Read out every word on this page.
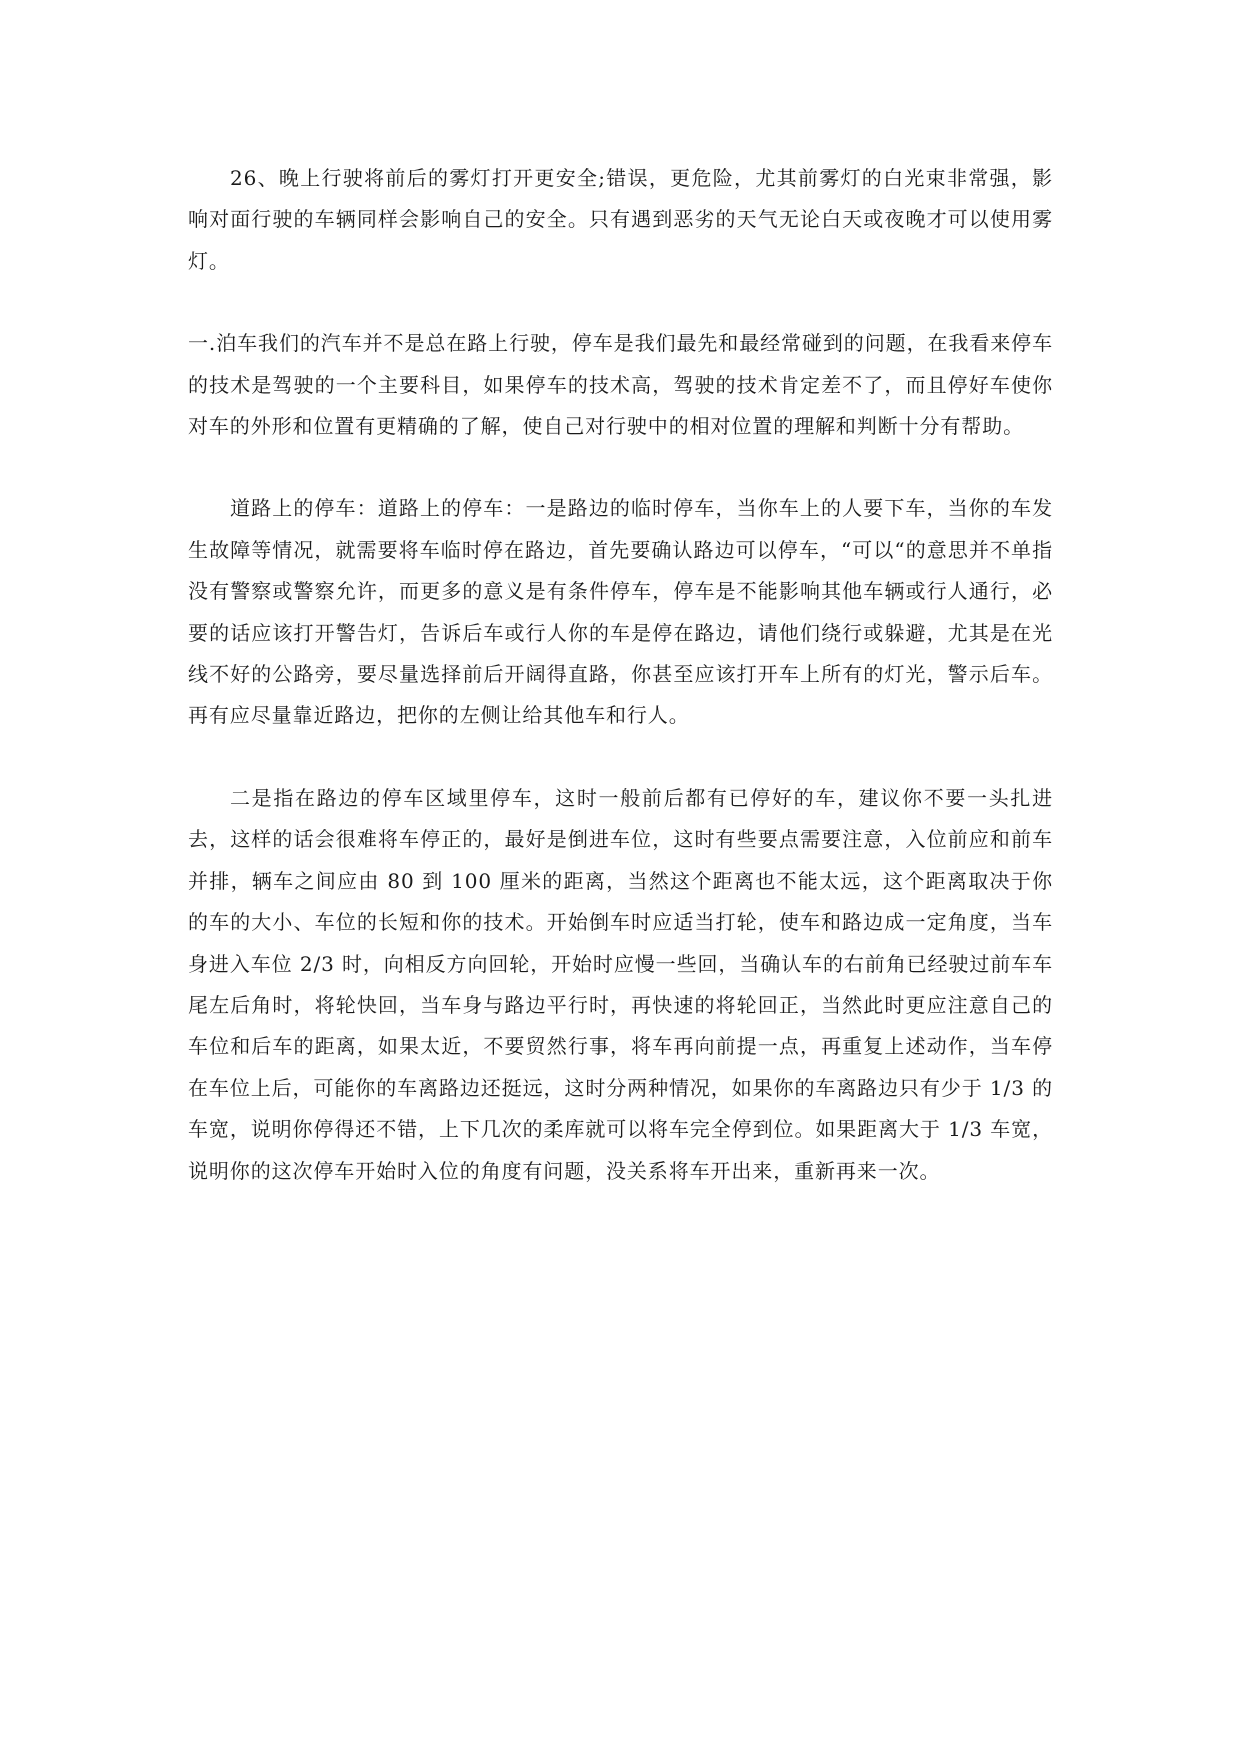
26、晚上行驶将前后的雾灯打开更安全;错误，更危险，尤其前雾灯的白光束非常强，影响对面行驶的车辆同样会影响自己的安全。只有遇到恶劣的天气无论白天或夜晚才可以使用雾灯。

一.泊车我们的汽车并不是总在路上行驶，停车是我们最先和最经常碰到的问题，在我看来停车的技术是驾驶的一个主要科目，如果停车的技术高，驾驶的技术肯定差不了，而且停好车使你对车的外形和位置有更精确的了解，使自己对行驶中的相对位置的理解和判断十分有帮助。

道路上的停车：道路上的停车：一是路边的临时停车，当你车上的人要下车，当你的车发生故障等情况，就需要将车临时停在路边，首先要确认路边可以停车，“可以“的意思并不单指没有警察或警察允许，而更多的意义是有条件停车，停车是不能影响其他车辆或行人通行，必要的话应该打开警告灯，告诉后车或行人你的车是停在路边，请他们绕行或躲避，尤其是在光线不好的公路旁，要尽量选择前后开阔得直路，你甚至应该打开车上所有的灯光，警示后车。再有应尽量靠近路边，把你的左侧让给其他车和行人。

二是指在路边的停车区域里停车，这时一般前后都有已停好的车，建议你不要一头扎进去，这样的话会很难将车停正的，最好是倒进车位，这时有些要点需要注意，入位前应和前车并排，辆车之间应由 80 到 100 厘米的距离，当然这个距离也不能太远，这个距离取决于你的车的大小、车位的长短和你的技术。开始倒车时应适当打轮，使车和路边成一定角度，当车身进入车位 2/3 时，向相反方向回轮，开始时应慢一些回，当确认车的右前角已经驶过前车车尾左后角时，将轮快回，当车身与路边平行时，再快速的将轮回正，当然此时更应注意自己的车位和后车的距离，如果太近，不要贸然行事，将车再向前提一点，再重复上述动作，当车停在车位上后，可能你的车离路边还挺远，这时分两种情况，如果你的车离路边只有少于 1/3 的车宽，说明你停得还不错，上下几次的柔库就可以将车完全停到位。如果距离大于 1/3 车宽，说明你的这次停车开始时入位的角度有问题，没关系将车开出来，重新再来一次。
